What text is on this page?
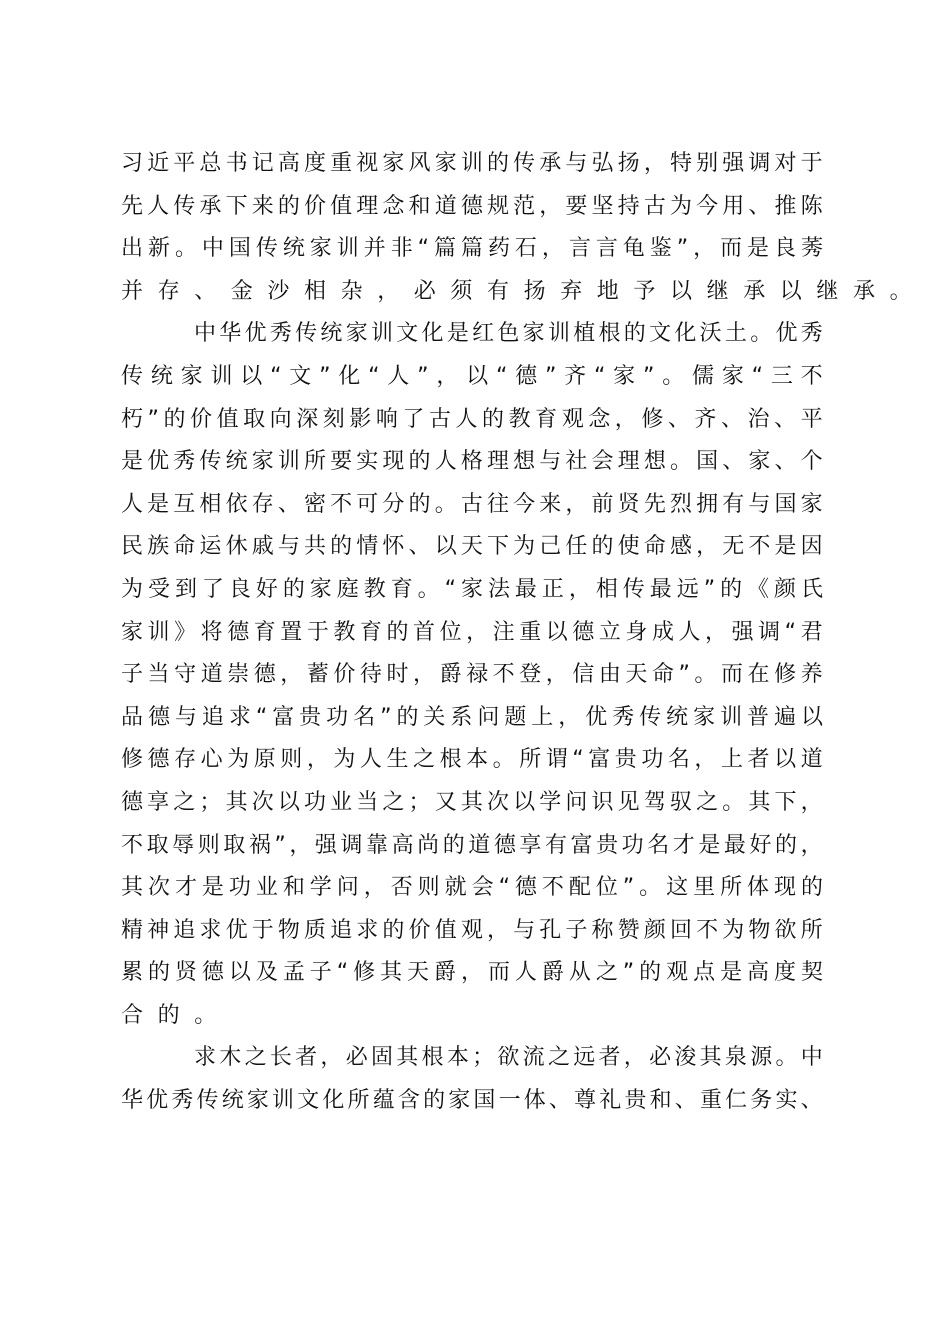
习 近 平 总 书 记 高 度 重 视 家 风 家 训 的 传 承 与 弘 扬 ， 特 别 强 调 对 于
先 人 传 承 下 来 的 价 值 理 念 和 道 德 规 范 ， 要 坚 持 古 为 今 用 、 推 陈
出 新 。 中 国 传 统 家 训 并 非 “ 篇 篇 药 石 ， 言 言 龟 鉴 ” ， 而 是 良 莠
并存、金沙相杂，必须有扬弃地予以继承以继承。
中 华 优 秀 传 统 家 训 文 化 是 红 色 家 训 植 根 的 文 化 沃 土 。 优 秀
传 统 家 训 以 “ 文 ” 化 “ 人 ” ， 以 “ 德 ” 齐 “ 家 ” 。 儒 家 “ 三 不
朽 ” 的 价 值 取 向 深 刻 影 响 了 古 人 的 教 育 观 念 ， 修 、 齐 、 治 、 平
是 优 秀 传 统 家 训 所 要 实 现 的 人 格 理 想 与 社 会 理 想 。 国 、 家 、 个
人 是 互 相 依 存 、 密 不 可 分 的 。 古 往 今 来 ， 前 贤 先 烈 拥 有 与 国 家
民 族 命 运 休 戚 与 共 的 情 怀 、 以 天 下 为 己 任 的 使 命 感 ， 无 不 是 因
为 受 到 了 良 好 的 家 庭 教 育 。 “ 家 法 最 正 ， 相 传 最 远 ” 的 《 颜 氏
家 训 》 将 德 育 置 于 教 育 的 首 位 ， 注 重 以 德 立 身 成 人 ， 强 调 “ 君
子 当 守 道 崇 德 ， 蓄 价 待 时 ， 爵 禄 不 登 ， 信 由 天 命 ” 。 而 在 修 养
品 德 与 追 求 “ 富 贵 功 名 ” 的 关 系 问 题 上 ， 优 秀 传 统 家 训 普 遍 以
修 德 存 心 为 原 则 ， 为 人 生 之 根 本 。 所 谓 “ 富 贵 功 名 ， 上 者 以 道
德 享 之 ； 其 次 以 功 业 当 之 ； 又 其 次 以 学 问 识 见 驾 驭 之 。 其 下 ，
不 取 辱 则 取 祸 ” ， 强 调 靠 高 尚 的 道 德 享 有 富 贵 功 名 才 是 最 好 的 ，
其 次 才 是 功 业 和 学 问 ， 否 则 就 会 “ 德 不 配 位 ” 。 这 里 所 体 现 的
精 神 追 求 优 于 物 质 追 求 的 价 值 观 ， 与 孔 子 称 赞 颜 回 不 为 物 欲 所
累 的 贤 德 以 及 孟 子 “ 修 其 天 爵 ， 而 人 爵 从 之 ” 的 观 点 是 高 度 契
合的。
求 木 之 长 者 ， 必 固 其 根 本 ； 欲 流 之 远 者 ， 必 浚 其 泉 源 。 中
华 优 秀 传 统 家 训 文 化 所 蕴 含 的 家 国 一 体 、 尊 礼 贵 和 、 重 仁 务 实 、
